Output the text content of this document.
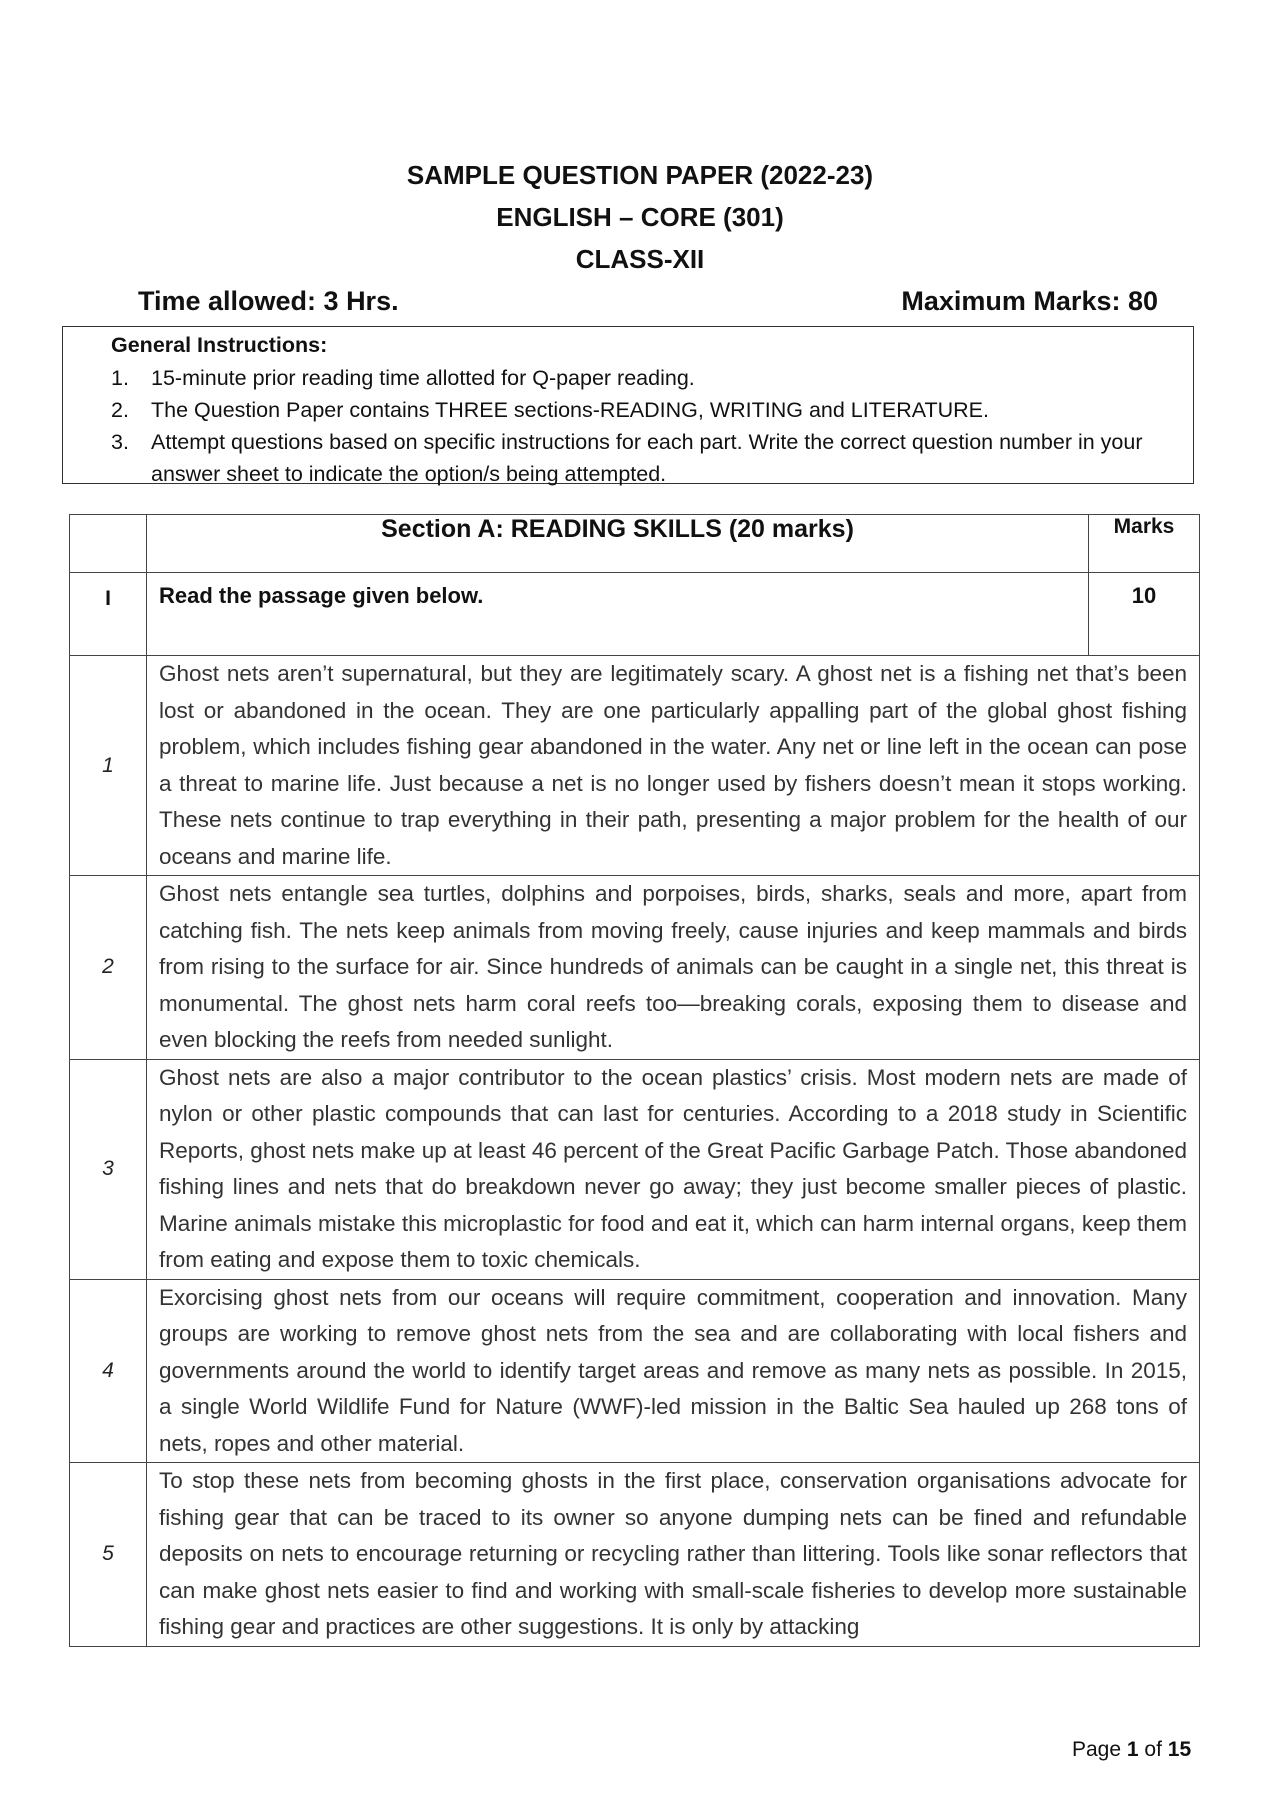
SAMPLE QUESTION PAPER (2022-23)
ENGLISH – CORE (301)
CLASS-XII
Time allowed: 3 Hrs.	Maximum Marks: 80
General Instructions:
1.	15-minute prior reading time allotted for Q-paper reading.
2.	The Question Paper contains THREE sections-READING, WRITING and LITERATURE.
3.	Attempt questions based on specific instructions for each part. Write the correct question number in your answer sheet to indicate the option/s being attempted.
	Section A: READING SKILLS (20 marks)	Marks
I	Read the passage given below.	10
1	Ghost nets aren’t supernatural, but they are legitimately scary. A ghost net is a fishing net that’s been lost or abandoned in the ocean. They are one particularly appalling part of the global ghost fishing problem, which includes fishing gear abandoned in the water. Any net or line left in the ocean can pose a threat to marine life. Just because a net is no longer used by fishers doesn’t mean it stops working. These nets continue to trap everything in their path, presenting a major problem for the health of our oceans and marine life.	
2	Ghost nets entangle sea turtles, dolphins and porpoises, birds, sharks, seals and more, apart from catching fish. The nets keep animals from moving freely, cause injuries and keep mammals and birds from rising to the surface for air. Since hundreds of animals can be caught in a single net, this threat is monumental. The ghost nets harm coral reefs too—breaking corals, exposing them to disease and even blocking the reefs from needed sunlight.	
3	Ghost nets are also a major contributor to the ocean plastics’ crisis. Most modern nets are made of nylon or other plastic compounds that can last for centuries. According to a 2018 study in Scientific Reports, ghost nets make up at least 46 percent of the Great Pacific Garbage Patch. Those abandoned fishing lines and nets that do breakdown never go away; they just become smaller pieces of plastic. Marine animals mistake this microplastic for food and eat it, which can harm internal organs, keep them from eating and expose them to toxic chemicals.	
4	Exorcising ghost nets from our oceans will require commitment, cooperation and innovation. Many groups are working to remove ghost nets from the sea and are collaborating with local fishers and governments around the world to identify target areas and remove as many nets as possible. In 2015, a single World Wildlife Fund for Nature (WWF)-led mission in the Baltic Sea hauled up 268 tons of nets, ropes and other material.	
5	To stop these nets from becoming ghosts in the first place, conservation organisations advocate for fishing gear that can be traced to its owner so anyone dumping nets can be fined and refundable deposits on nets to encourage returning or recycling rather than littering. Tools like sonar reflectors that can make ghost nets easier to find and working with small-scale fisheries to develop more sustainable fishing gear and practices are other suggestions. It is only by attacking	
Page 1 of 15
